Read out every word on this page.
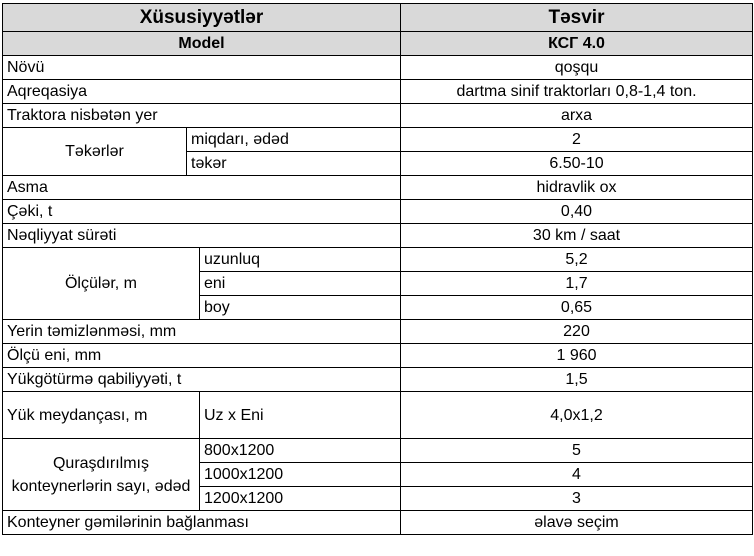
Xüsusiyyətlər			Təsvir
Model			КСГ 4.0
Növü			qoşqu
Aqreqasiya			dartma sinif traktorları 0,8-1,4 ton.
Traktora nisbətən yer			arxa
Təkərlər	miqdarı, ədəd		2
	təkər		6.50-10
Asma			hidravlik ox
Çəki, t			0,40
Nəqliyyat sürəti			30 km / saat
Ölçülər, m		uzunluq	5,2
		eni	1,7
		boy	0,65
Yerin təmizlənməsi, mm			220
Ölçü eni, mm			1 960
Yükgötürmə qabiliyyəti, t			1,5
Yük meydançası, m		Uz x Eni	4,0x1,2
Quraşdırılmış konteynerlərin sayı, ədəd		800x1200	5
		1000x1200	4
		1200x1200	3
Konteyner gəmilərinin bağlanması			əlavə seçim
